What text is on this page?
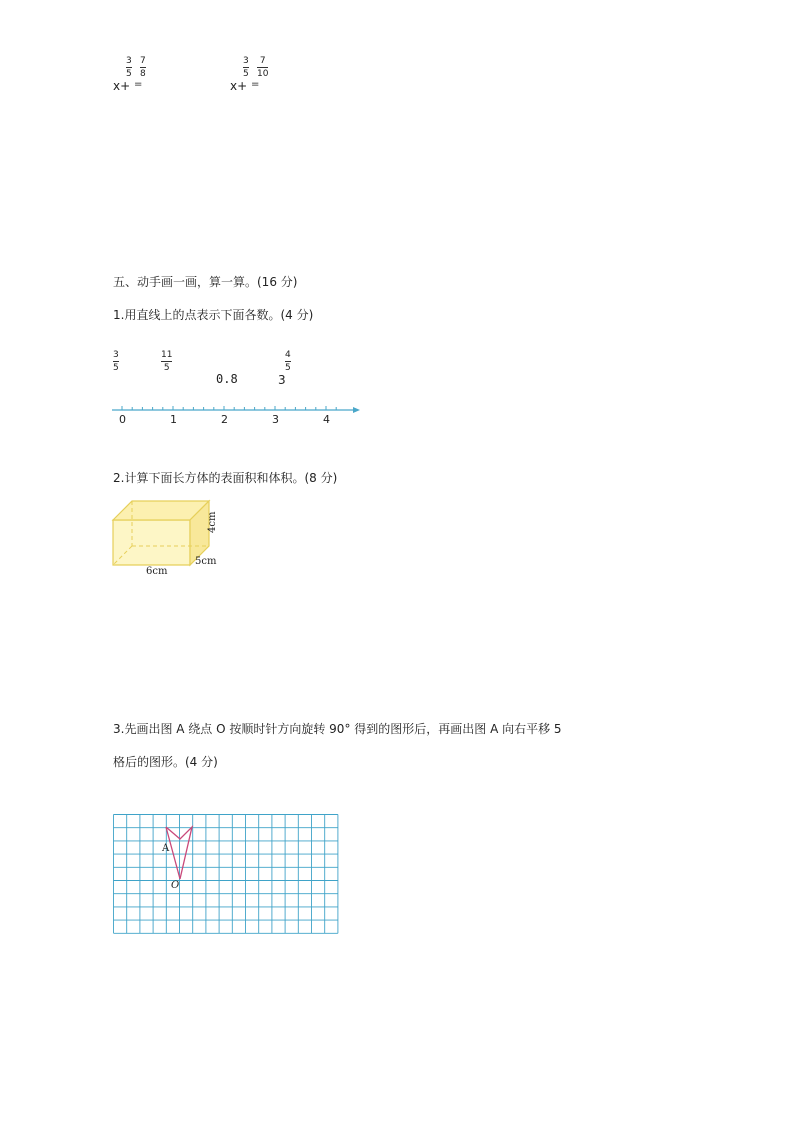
x+
3
5
=
7
8
x+
3
5
=
7
10
五、动手画一画，算一算。(16 分)
1.用直线上的点表示下面各数。(4 分)
3
5
11
5
0.8	3
4
5
0	1	2	3	4
2.计算下面长方体的表面积和体积。(8 分)
6cm
5cm
4cm
3.先画出图 A 绕点 O 按顺时针方向旋转 90° 得到的图形后，再画出图 A 向右平移 5
格后的图形。(4 分)
A
O
